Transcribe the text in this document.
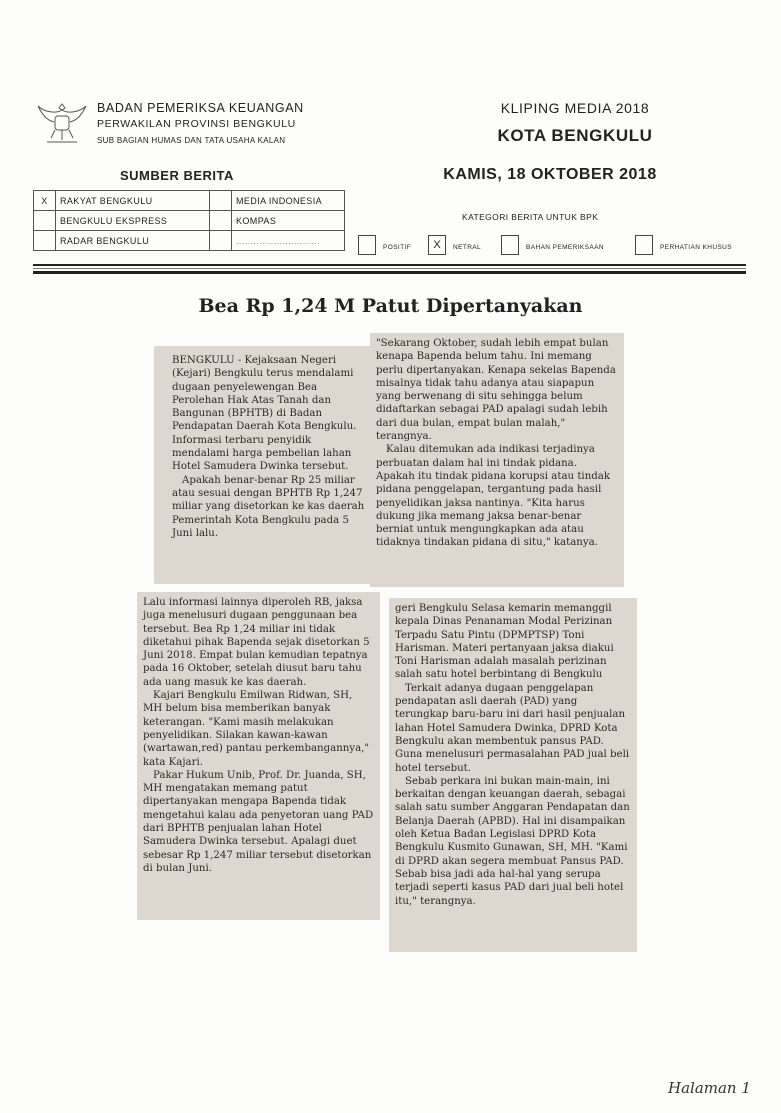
BADAN PEMERIKSA KEUANGAN
PERWAKILAN PROVINSI BENGKULU
SUB BAGIAN HUMAS DAN TATA USAHA KALAN
KLIPING MEDIA 2018
KOTA BENGKULU
KAMIS, 18 OKTOBER 2018
SUMBER BERITA
X	RAKYAT BENGKULU		MEDIA INDONESIA
	BENGKULU EKSPRESS		KOMPAS
	RADAR BENGKULU		.............................
KATEGORI BERITA UNTUK BPK
POSITIF	X	NETRAL	BAHAN PEMERIKSAAN	PERHATIAN KHUSUS
Bea Rp 1,24 M Patut Dipertanyakan

BENGKULU - Kejaksaan Negeri (Kejari) Bengkulu terus mendalami dugaan penyelewengan Bea Perolehan Hak Atas Tanah dan Bangunan (BPHTB) di Badan Pendapatan Daerah Kota Bengkulu. Informasi terbaru penyidik mendalami harga pembelian lahan Hotel Samudera Dwinka tersebut.

Apakah benar-benar Rp 25 miliar atau sesuai dengan BPHTB Rp 1,247 miliar yang disetorkan ke kas daerah Pemerintah Kota Bengkulu pada 5 Juni lalu.

"Sekarang Oktober, sudah lebih empat bulan kenapa Bapenda belum tahu. Ini memang perlu dipertanyakan. Kenapa sekelas Bapenda misalnya tidak tahu adanya atau siapapun yang berwenang di situ sehingga belum didaftarkan sebagai PAD apalagi sudah lebih dari dua bulan, empat bulan malah," terangnya.

Kalau ditemukan ada indikasi terjadinya perbuatan dalam hal ini tindak pidana. Apakah itu tindak pidana korupsi atau tindak pidana penggelapan, tergantung pada hasil penyelidikan jaksa nantinya. "Kita harus dukung jika memang jaksa benar-benar berniat untuk mengungkapkan ada atau tidaknya tindakan pidana di situ," katanya.

Lalu informasi lainnya diperoleh RB, jaksa juga menelusuri dugaan penggunaan bea tersebut. Bea Rp 1,24 miliar ini tidak diketahui pihak Bapenda sejak disetorkan 5 Juni 2018. Empat bulan kemudian tepatnya pada 16 Oktober, setelah diusut baru tahu ada uang masuk ke kas daerah.

Kajari Bengkulu Emilwan Ridwan, SH, MH belum bisa memberikan banyak keterangan. "Kami masih melakukan penyelidikan. Silakan kawan-kawan (wartawan,red) pantau perkembangannya," kata Kajari.

Pakar Hukum Unib, Prof. Dr. Juanda, SH, MH mengatakan memang patut dipertanyakan mengapa Bapenda tidak mengetahui kalau ada penyetoran uang PAD dari BPHTB penjualan lahan Hotel Samudera Dwinka tersebut. Apalagi duet sebesar Rp 1,247 miliar tersebut disetorkan di bulan Juni.

geri Bengkulu Selasa kemarin memanggil kepala Dinas Penanaman Modal Perizinan Terpadu Satu Pintu (DPMPTSP) Toni Harisman. Materi pertanyaan jaksa diakui Toni Harisman adalah masalah perizinan salah satu hotel berbintang di Bengkulu

Terkait adanya dugaan penggelapan pendapatan asli daerah (PAD) yang terungkap baru-baru ini dari hasil penjualan lahan Hotel Samudera Dwinka, DPRD Kota Bengkulu akan membentuk pansus PAD. Guna menelusuri permasalahan PAD jual beli hotel tersebut.

Sebab perkara ini bukan main-main, ini berkaitan dengan keuangan daerah, sebagai salah satu sumber Anggaran Pendapatan dan Belanja Daerah (APBD). Hal ini disampaikan oleh Ketua Badan Legislasi DPRD Kota Bengkulu Kusmito Gunawan, SH, MH. "Kami di DPRD akan segera membuat Pansus PAD. Sebab bisa jadi ada hal-hal yang serupa terjadi seperti kasus PAD dari jual beli hotel itu," terangnya.

Halaman 1
